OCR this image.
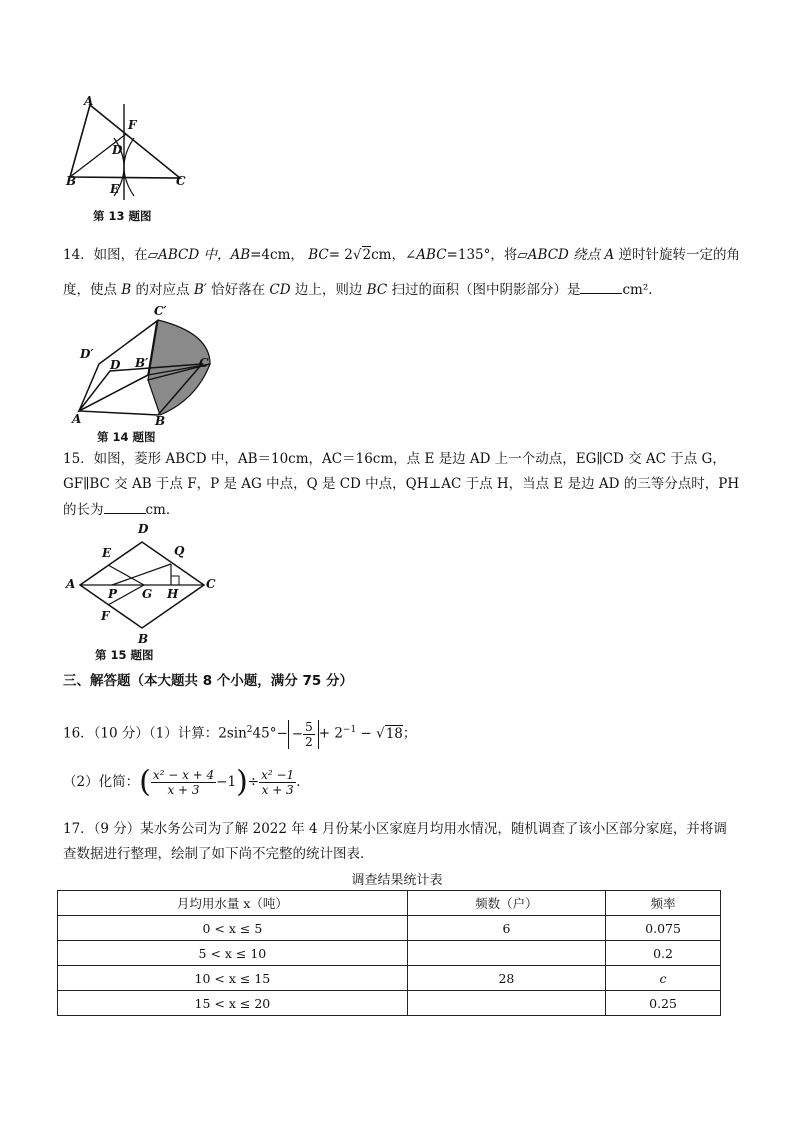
A
F
D
B
E
C
第 13 题图
14．如图，在▱ABCD 中，AB=4cm， BC= 2√2cm，∠ABC=135°，将▱ABCD 绕点 A 逆时针旋转一定的角
度，使点 B 的对应点 B′ 恰好落在 CD 边上，则边 BC 扫过的面积（图中阴影部分）是	cm²．
C′
D′
D B′	C
A	B
第 14 题图
15．如图，菱形 ABCD 中，AB＝10cm，AC＝16cm，点 E 是边 AD 上一个动点，EG∥CD 交 AC 于点 G，
GF∥BC 交 AB 于点 F，P 是 AG 中点，Q 是 CD 中点，QH⊥AC 于点 H，当点 E 是边 AD 的三等分点时，PH
的长为	cm．
D
E	Q
A
P G H
C
F
B
第 15 题图
三、解答题（本大题共 8 个小题，满分 75 分）
16．（10 分）（1）计算：$2\sin^245^\circ- - \frac{5}{2} + 2^{-1} - √18$；
（2）化简：( $\frac{\text{x² − x + 4}}{x + 3} -1)\div \frac{\text{x² −1}}{x + 3}$ ．
17．（9 分）某水务公司为了解 2022 年 4 月份某小区家庭月均用水情况，随机调查了该小区部分家庭，并将调
查数据进行整理，绘制了如下尚不完整的统计图表．
调查结果统计表
月均用水量 x（吨）	频数（户）	频率
0 < x ≤ 5	6	0.075
5 < x ≤ 10		0.2
10 < x ≤ 15	28	c
15 < x ≤ 20		0.25
